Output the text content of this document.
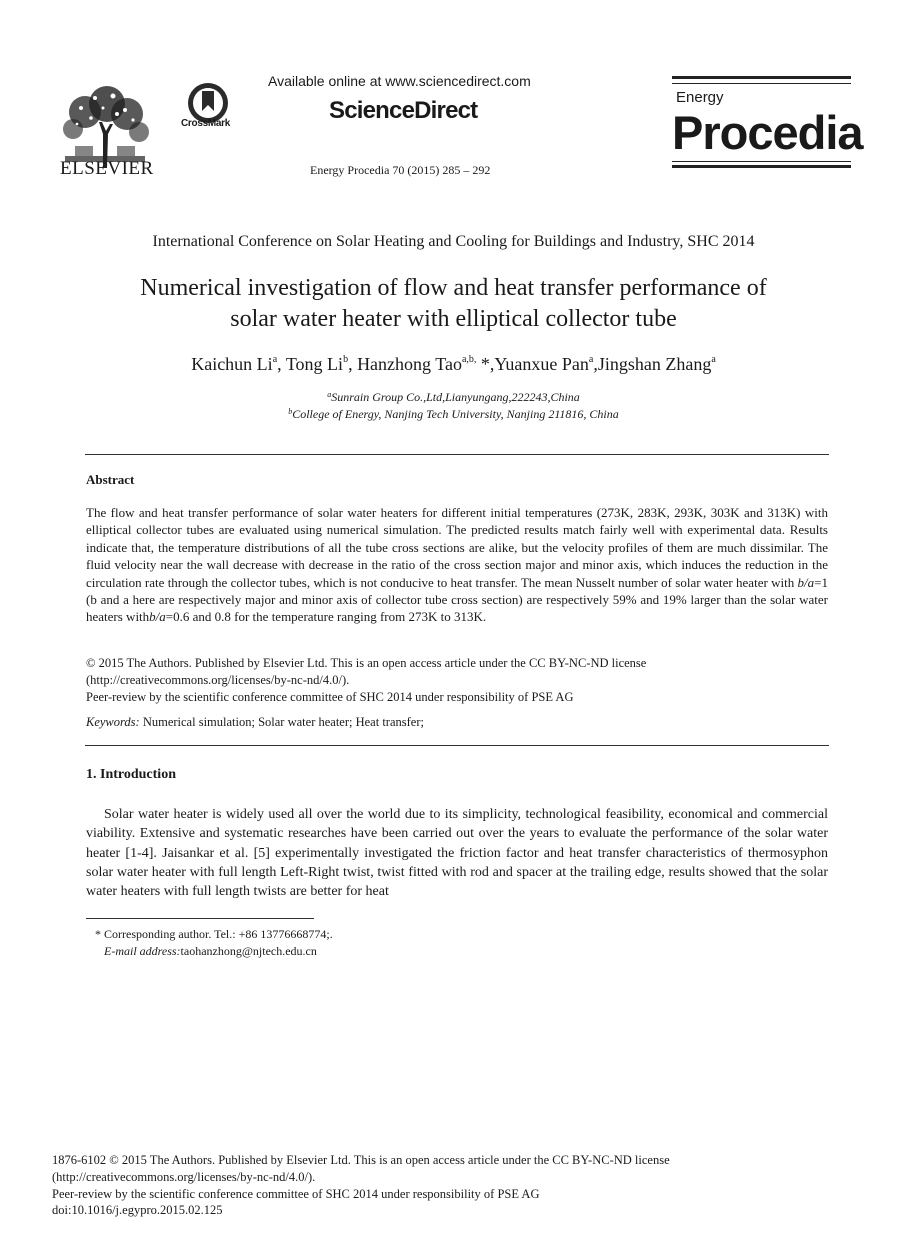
ELSEVIER
CrossMark
Available online at www.sciencedirect.com
ScienceDirect
Energy Procedia 70 (2015) 285 – 292
Energy
Procedia
International Conference on Solar Heating and Cooling for Buildings and Industry, SHC 2014
Numerical investigation of flow and heat transfer performance of
solar water heater with elliptical collector tube
Kaichun Li$^a$, Tong Li$^b$, Hanzhong Tao$^{a,b,}$ *,Yuanxue Pan$^a$,Jingshan Zhang$^a$
$^a$Sunrain Group Co.,Ltd,Lianyungang,222243,China
$^b$College of Energy, Nanjing Tech University, Nanjing 211816, China
Abstract
The flow and heat transfer performance of solar water heaters for different initial temperatures (273K, 283K, 293K, 303K and 313K) with elliptical collector tubes are evaluated using numerical simulation. The predicted results match fairly well with experimental data. Results indicate that, the temperature distributions of all the tube cross sections are alike, but the velocity profiles of them are much dissimilar. The fluid velocity near the wall decrease with decrease in the ratio of the cross section major and minor axis, which induces the reduction in the circulation rate through the collector tubes, which is not conducive to heat transfer. The mean Nusselt number of solar water heater with b/a=1 (b and a here are respectively major and minor axis of collector tube cross section) are respectively 59% and 19% larger than the solar water heaters withb/a=0.6 and 0.8 for the temperature ranging from 273K to 313K.
© 2015 The Authors. Published by Elsevier Ltd. This is an open access article under the CC BY-NC-ND license
(http://creativecommons.org/licenses/by-nc-nd/4.0/).
Peer-review by the scientific conference committee of SHC 2014 under responsibility of PSE AG
Keywords: Numerical simulation; Solar water heater; Heat transfer;
1. Introduction
Solar water heater is widely used all over the world due to its simplicity, technological feasibility, economical and commercial viability. Extensive and systematic researches have been carried out over the years to evaluate the performance of the solar water heater [1-4]. Jaisankar et al. [5] experimentally investigated the friction factor and heat transfer characteristics of thermosyphon solar water heater with full length Left-Right twist, twist fitted with rod and spacer at the trailing edge, results showed that the solar water heaters with full length twists are better for heat
* Corresponding author. Tel.: +86 13776668774;.
E-mail address:taohanzhong@njtech.edu.cn
1876-6102 © 2015 The Authors. Published by Elsevier Ltd. This is an open access article under the CC BY-NC-ND license
(http://creativecommons.org/licenses/by-nc-nd/4.0/).
Peer-review by the scientific conference committee of SHC 2014 under responsibility of PSE AG
doi:10.1016/j.egypro.2015.02.125
